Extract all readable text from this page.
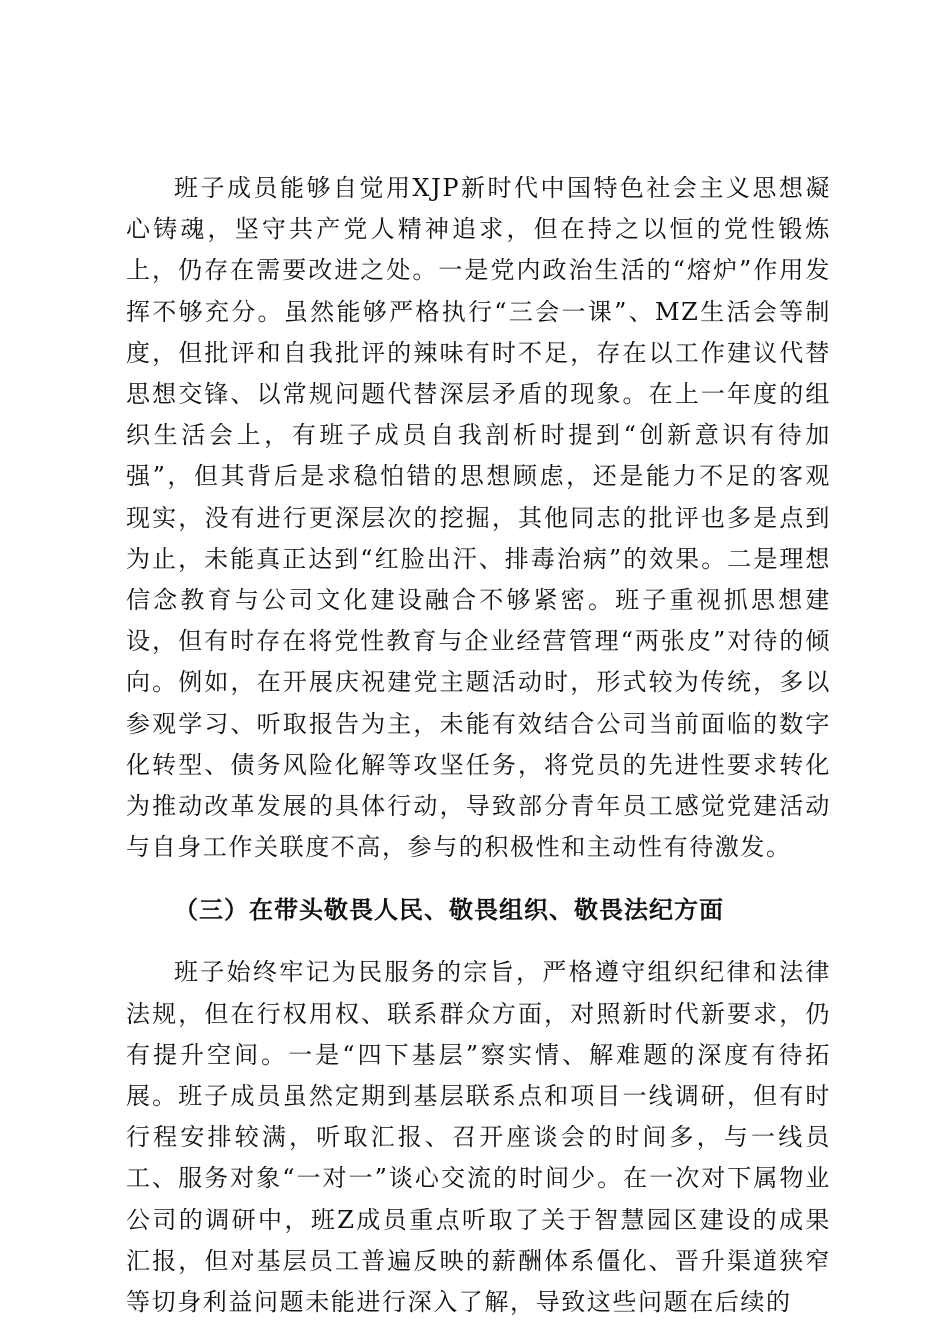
班子成员能够自觉用XJP新时代中国特色社会主义思想凝心铸魂，坚守共产党人精神追求，但在持之以恒的党性锻炼上，仍存在需要改进之处。一是党内政治生活的“熔炉”作用发挥不够充分。虽然能够严格执行“三会一课”、MZ生活会等制度，但批评和自我批评的辣味有时不足，存在以工作建议代替思想交锋、以常规问题代替深层矛盾的现象。在上一年度的组织生活会上，有班子成员自我剖析时提到“创新意识有待加强”，但其背后是求稳怕错的思想顾虑，还是能力不足的客观现实，没有进行更深层次的挖掘，其他同志的批评也多是点到为止，未能真正达到“红脸出汗、排毒治病”的效果。二是理想信念教育与公司文化建设融合不够紧密。班子重视抓思想建设，但有时存在将党性教育与企业经营管理“两张皮”对待的倾向。例如，在开展庆祝建党主题活动时，形式较为传统，多以参观学习、听取报告为主，未能有效结合公司当前面临的数字化转型、债务风险化解等攻坚任务，将党员的先进性要求转化为推动改革发展的具体行动，导致部分青年员工感觉党建活动与自身工作关联度不高，参与的积极性和主动性有待激发。

（三）在带头敬畏人民、敬畏组织、敬畏法纪方面

班子始终牢记为民服务的宗旨，严格遵守组织纪律和法律法规，但在行权用权、联系群众方面，对照新时代新要求，仍有提升空间。一是“四下基层”察实情、解难题的深度有待拓展。班子成员虽然定期到基层联系点和项目一线调研，但有时行程安排较满，听取汇报、召开座谈会的时间多，与一线员工、服务对象“一对一”谈心交流的时间少。在一次对下属物业公司的调研中，班Z成员重点听取了关于智慧园区建设的成果汇报，但对基层员工普遍反映的薪酬体系僵化、晋升渠道狭窄等切身利益问题未能进行深入了解，导致这些问题在后续的
